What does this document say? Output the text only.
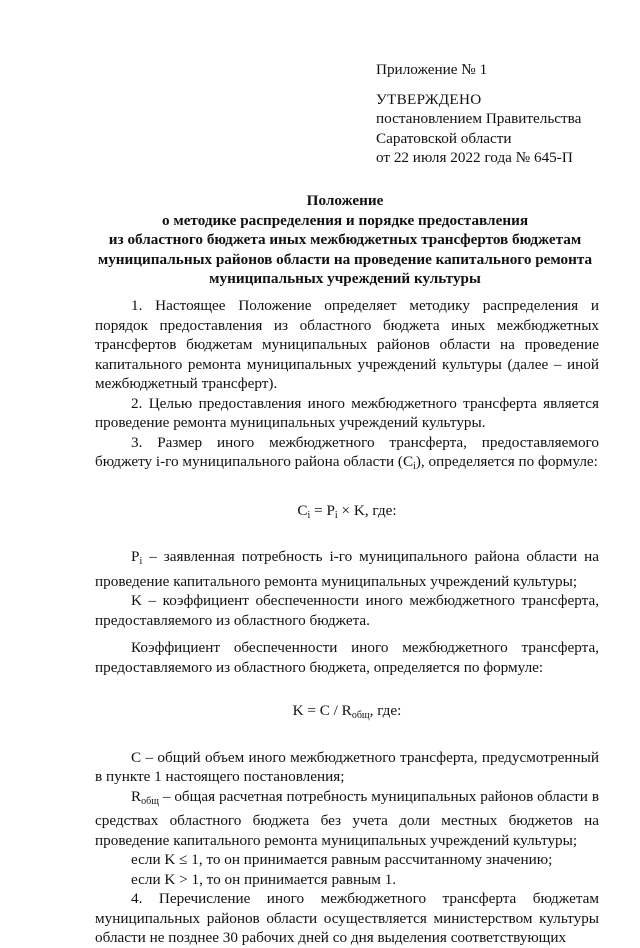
Приложение № 1
УТВЕРЖДЕНО
постановлением Правительства
Саратовской области
от 22 июля 2022 года № 645-П
Положение
о методике распределения и порядке предоставления
из областного бюджета иных межбюджетных трансфертов бюджетам
муниципальных районов области на проведение капитального ремонта
муниципальных учреждений культуры

1. Настоящее Положение определяет методику распределения и порядок предоставления из областного бюджета иных межбюджетных трансфертов бюджетам муниципальных районов области на проведение капитального ремонта муниципальных учреждений культуры (далее – иной межбюджетный трансферт).

2. Целью предоставления иного межбюджетного трансферта является проведение ремонта муниципальных учреждений культуры.

3. Размер иного межбюджетного трансферта, предоставляемого бюджету i-го муниципального района области $(C_i)$, определяется по формуле:

$C_i = P_i \times K$, где:

$P_i$ – заявленная потребность i-го муниципального района области на проведение капитального ремонта муниципальных учреждений культуры;

K – коэффициент обеспеченности иного межбюджетного трансферта, предоставляемого из областного бюджета.

Коэффициент обеспеченности иного межбюджетного трансферта, предоставляемого из областного бюджета, определяется по формуле:

$K = C / R_{общ}$, где:

C – общий объем иного межбюджетного трансферта, предусмотренный в пункте 1 настоящего постановления;

$R_{общ}$ – общая расчетная потребность муниципальных районов области в средствах областного бюджета без учета доли местных бюджетов на проведение капитального ремонта муниципальных учреждений культуры;

если K ≤ 1, то он принимается равным рассчитанному значению;

если K > 1, то он принимается равным 1.

4. Перечисление иного межбюджетного трансферта бюджетам муниципальных районов области осуществляется министерством культуры области не позднее 30 рабочих дней со дня выделения соответствующих
